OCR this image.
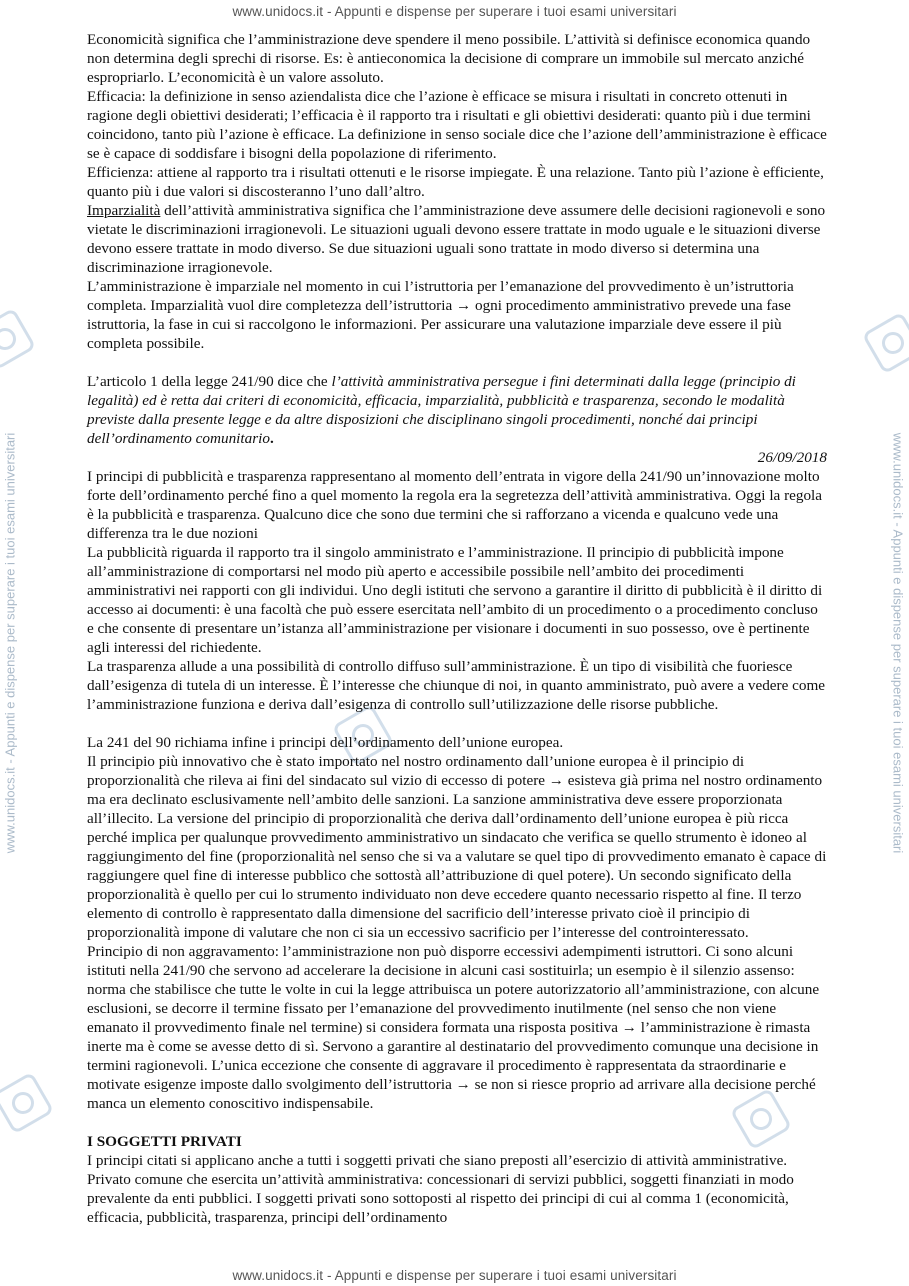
www.unidocs.it - Appunti e dispense per superare i tuoi esami universitari
www.unidocs.it - Appunti e dispense per superare i tuoi esami universitari
www.unidocs.it - Appunti e dispense per superare i tuoi esami universitari	www.unidocs.it - Appunti e dispense per superare i tuoi esami universitari

Economicità significa che l’amministrazione deve spendere il meno possibile. L’attività si definisce economica quando non determina degli sprechi di risorse. Es: è antieconomica la decisione di comprare un immobile sul mercato anziché espropriarlo. L’economicità è un valore assoluto.

Efficacia: la definizione in senso aziendalista dice che l’azione è efficace se misura i risultati in concreto ottenuti in ragione degli obiettivi desiderati; l’efficacia è il rapporto tra i risultati e gli obiettivi desiderati: quanto più i due termini coincidono, tanto più l’azione è efficace. La definizione in senso sociale dice che l’azione dell’amministrazione è efficace se è capace di soddisfare i bisogni della popolazione di riferimento.

Efficienza: attiene al rapporto tra i risultati ottenuti e le risorse impiegate. È una relazione. Tanto più l’azione è efficiente, quanto più i due valori si discosteranno l’uno dall’altro.

Imparzialità dell’attività amministrativa significa che l’amministrazione deve assumere delle decisioni ragionevoli e sono vietate le discriminazioni irragionevoli. Le situazioni uguali devono essere trattate in modo uguale e le situazioni diverse devono essere trattate in modo diverso. Se due situazioni uguali sono trattate in modo diverso si determina una discriminazione irragionevole.

L’amministrazione è imparziale nel momento in cui l’istruttoria per l’emanazione del provvedimento è un’istruttoria completa. Imparzialità vuol dire completezza dell’istruttoria → ogni procedimento amministrativo prevede una fase istruttoria, la fase in cui si raccolgono le informazioni. Per assicurare una valutazione imparziale deve essere il più completa possibile.

L’articolo 1 della legge 241/90 dice che l’attività amministrativa persegue i fini determinati dalla legge (principio di legalità) ed è retta dai criteri di economicità, efficacia, imparzialità, pubblicità e trasparenza, secondo le modalità previste dalla presente legge e da altre disposizioni che disciplinano singoli procedimenti, nonché dai principi dell’ordinamento comunitario.

26/09/2018

I principi di pubblicità e trasparenza rappresentano al momento dell’entrata in vigore della 241/90 un’innovazione molto forte dell’ordinamento perché fino a quel momento la regola era la segretezza dell’attività amministrativa. Oggi la regola è la pubblicità e trasparenza. Qualcuno dice che sono due termini che si rafforzano a vicenda e qualcuno vede una differenza tra le due nozioni

La pubblicità riguarda il rapporto tra il singolo amministrato e l’amministrazione. Il principio di pubblicità impone all’amministrazione di comportarsi nel modo più aperto e accessibile possibile nell’ambito dei procedimenti amministrativi nei rapporti con gli individui. Uno degli istituti che servono a garantire il diritto di pubblicità è il diritto di accesso ai documenti: è una facoltà che può essere esercitata nell’ambito di un procedimento o a procedimento concluso e che consente di presentare un’istanza all’amministrazione per visionare i documenti in suo possesso, ove è pertinente agli interessi del richiedente.

La trasparenza allude a una possibilità di controllo diffuso sull’amministrazione. È un tipo di visibilità che fuoriesce dall’esigenza di tutela di un interesse. È l’interesse che chiunque di noi, in quanto amministrato, può avere a vedere come l’amministrazione funziona e deriva dall’esigenza di controllo sull’utilizzazione delle risorse pubbliche.

La 241 del 90 richiama infine i principi dell’ordinamento dell’unione europea.

Il principio più innovativo che è stato importato nel nostro ordinamento dall’unione europea è il principio di proporzionalità che rileva ai fini del sindacato sul vizio di eccesso di potere → esisteva già prima nel nostro ordinamento ma era declinato esclusivamente nell’ambito delle sanzioni. La sanzione amministrativa deve essere proporzionata all’illecito. La versione del principio di proporzionalità che deriva dall’ordinamento dell’unione europea è più ricca perché implica per qualunque provvedimento amministrativo un sindacato che verifica se quello strumento è idoneo al raggiungimento del fine (proporzionalità nel senso che si va a valutare se quel tipo di provvedimento emanato è capace di raggiungere quel fine di interesse pubblico che sottostà all’attribuzione di quel potere). Un secondo significato della proporzionalità è quello per cui lo strumento individuato non deve eccedere quanto necessario rispetto al fine. Il terzo elemento di controllo è rappresentato dalla dimensione del sacrificio dell’interesse privato cioè il principio di proporzionalità impone di valutare che non ci sia un eccessivo sacrificio per l’interesse del controinteressato.

Principio di non aggravamento: l’amministrazione non può disporre eccessivi adempimenti istruttori. Ci sono alcuni istituti nella 241/90 che servono ad accelerare la decisione in alcuni casi sostituirla; un esempio è il silenzio assenso: norma che stabilisce che tutte le volte in cui la legge attribuisca un potere autorizzatorio all’amministrazione, con alcune esclusioni, se decorre il termine fissato per l’emanazione del provvedimento inutilmente (nel senso che non viene emanato il provvedimento finale nel termine) si considera formata una risposta positiva → l’amministrazione è rimasta inerte ma è come se avesse detto di sì. Servono a garantire al destinatario del provvedimento comunque una decisione in termini ragionevoli. L’unica eccezione che consente di aggravare il procedimento è rappresentata da straordinarie e motivate esigenze imposte dallo svolgimento dell’istruttoria → se non si riesce proprio ad arrivare alla decisione perché manca un elemento conoscitivo indispensabile.

I SOGGETTI PRIVATI

I principi citati si applicano anche a tutti i soggetti privati che siano preposti all’esercizio di attività amministrative. Privato comune che esercita un’attività amministrativa: concessionari di servizi pubblici, soggetti finanziati in modo prevalente da enti pubblici. I soggetti privati sono sottoposti al rispetto dei principi di cui al comma 1 (economicità, efficacia, pubblicità, trasparenza, principi dell’ordinamento
